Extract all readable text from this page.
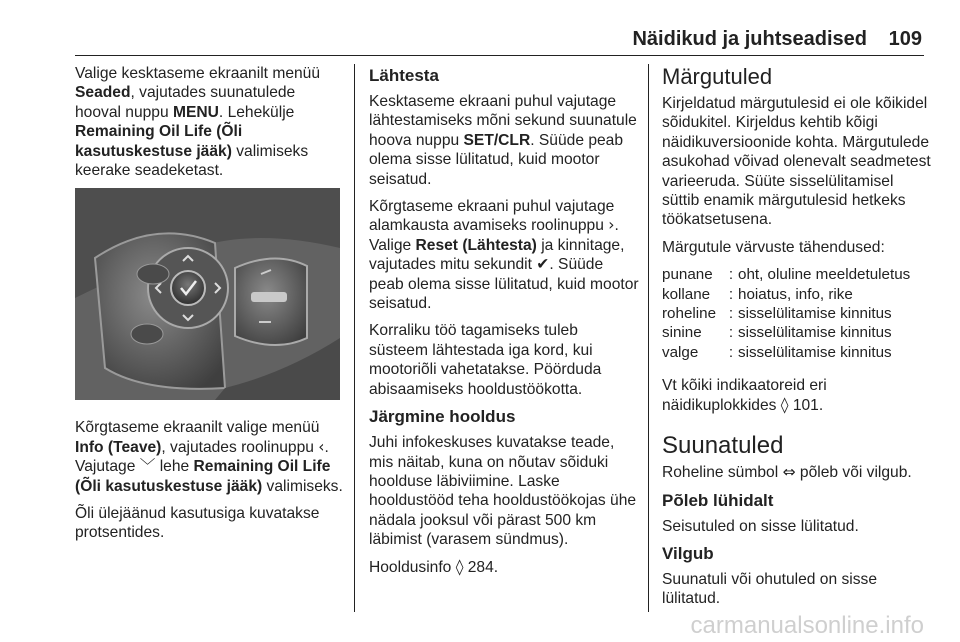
Näidikud ja juhtseadised 109

Valige kesktaseme ekraanilt menüü Seaded, vajutades suunatulede hooval nuppu MENU. Lehekülje Remaining Oil Life (Õli kasutuskestuse jääk) valimiseks keerake seadeketast.

Kõrgtaseme ekraanilt valige menüü Info (Teave), vajutades roolinuppu ‹. Vajutage ﹀ lehe Remaining Oil Life (Õli kasutuskestuse jääk) valimiseks.

Õli ülejäänud kasutusiga kuvatakse protsentides.

Lähtesta

Kesktaseme ekraani puhul vajutage lähtestamiseks mõni sekund suunatule hoova nuppu SET/CLR. Süüde peab olema sisse lülitatud, kuid mootor seisatud.

Kõrgtaseme ekraani puhul vajutage alamkausta avamiseks roolinuppu ›. Valige Reset (Lähtesta) ja kinnitage, vajutades mitu sekundit ✔. Süüde peab olema sisse lülitatud, kuid mootor seisatud.

Korraliku töö tagamiseks tuleb süsteem lähtestada iga kord, kui mootoriõli vahetatakse. Pöörduda abisaamiseks hooldustöökotta.

Järgmine hooldus

Juhi infokeskuses kuvatakse teade, mis näitab, kuna on nõutav sõiduki hoolduse läbiviimine. Laske hooldustööd teha hooldustöökojas ühe nädala jooksul või pärast 500 km läbimist (varasem sündmus).

Hooldusinfo ◊ 284.

Märgutuled

Kirjeldatud märgutulesid ei ole kõikidel sõidukitel. Kirjeldus kehtib kõigi näidikuversioonide kohta. Märgutulede asukohad võivad olenevalt seadmetest varieeruda. Süüte sisselülitamisel süttib enamik märgutulesid hetkeks töökatsetusena.

Märgutule värvuste tähendused:

punane	:	oht, oluline meeldetuletus
kollane	:	hoiatus, info, rike
roheline	:	sisselülitamise kinnitus
sinine	:	sisselülitamise kinnitus
valge	:	sisselülitamise kinnitus

Vt kõiki indikaatoreid eri näidikuplokkides ◊ 101.

Suunatuled

Roheline sümbol ⇔ põleb või vilgub.

Põleb lühidalt

Seisutuled on sisse lülitatud.

Vilgub

Suunatuli või ohutuled on sisse lülitatud.

carmanualsonline.info
